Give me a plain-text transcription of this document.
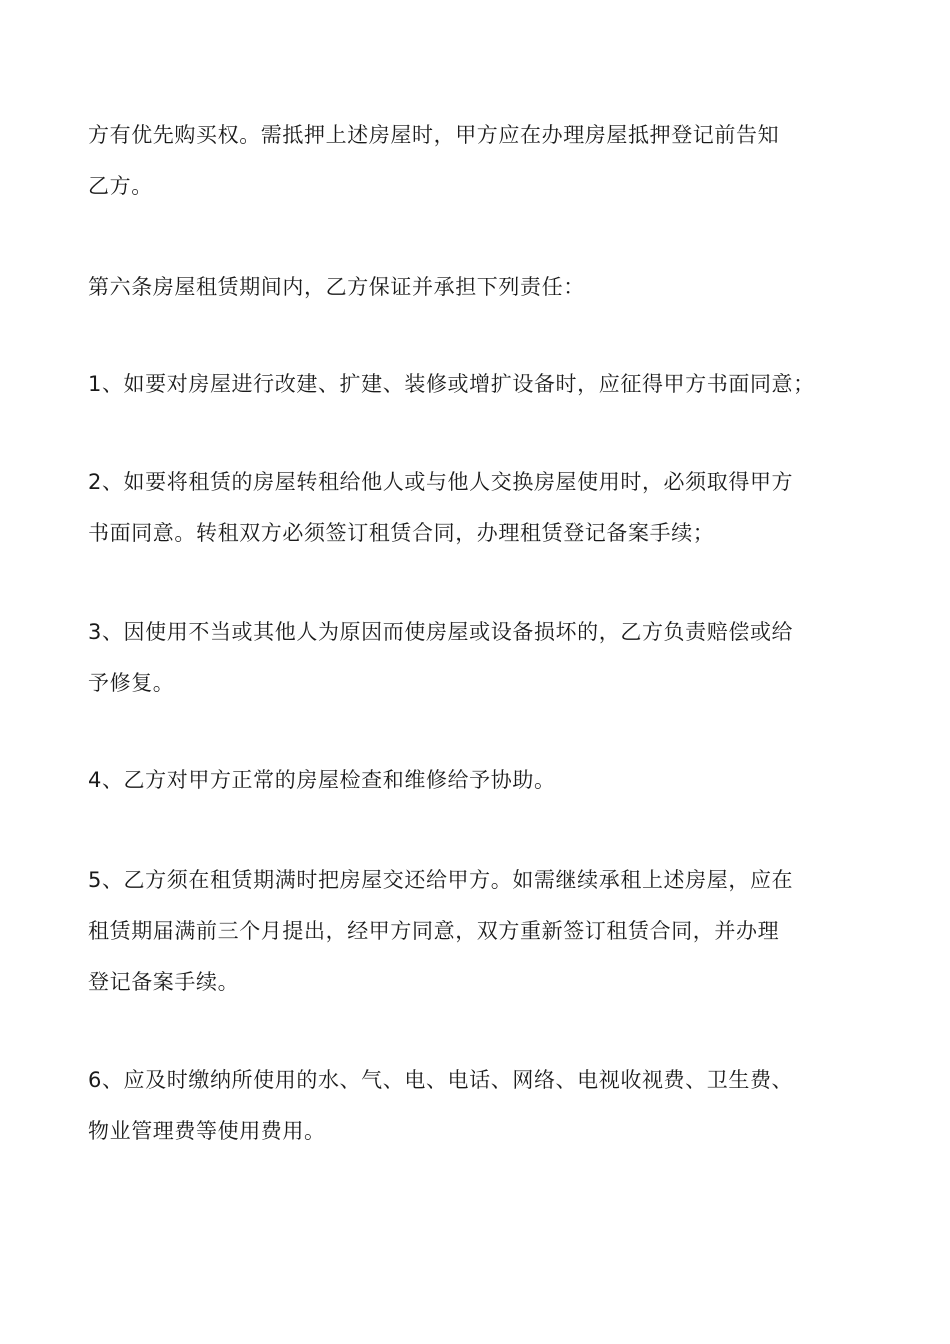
方有优先购买权。需抵押上述房屋时，甲方应在办理房屋抵押登记前告知
乙方。
第六条房屋租赁期间内，乙方保证并承担下列责任：
1、如要对房屋进行改建、扩建、装修或增扩设备时，应征得甲方书面同意；
2、如要将租赁的房屋转租给他人或与他人交换房屋使用时，必须取得甲方
书面同意。转租双方必须签订租赁合同，办理租赁登记备案手续；
3、因使用不当或其他人为原因而使房屋或设备损坏的，乙方负责赔偿或给
予修复。
4、乙方对甲方正常的房屋检查和维修给予协助。
5、乙方须在租赁期满时把房屋交还给甲方。如需继续承租上述房屋，应在
租赁期届满前三个月提出，经甲方同意，双方重新签订租赁合同，并办理
登记备案手续。
6、应及时缴纳所使用的水、气、电、电话、网络、电视收视费、卫生费、
物业管理费等使用费用。
